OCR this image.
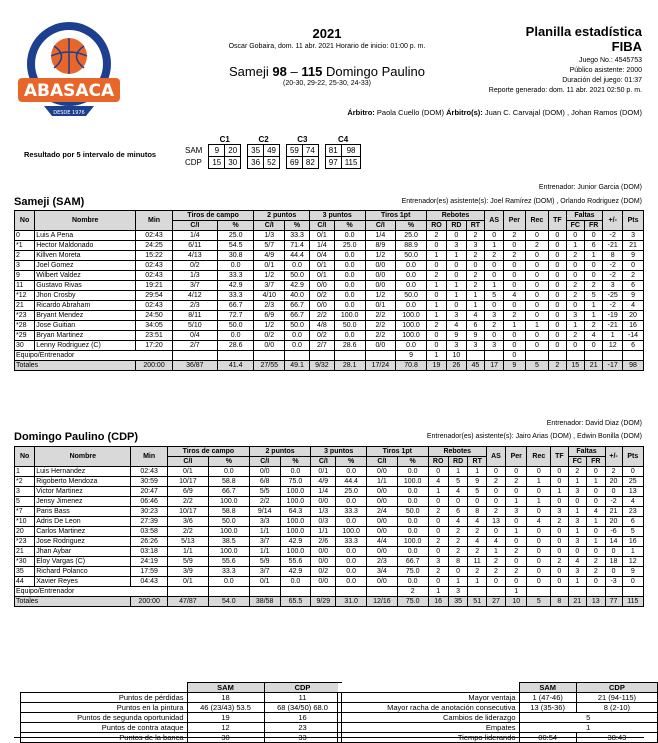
ABASACA
DESDE 1976
2021
Oscar Gobaira, dom. 11 abr. 2021 Horario de inicio: 01:00 p. m.
Sameji 98 – 115 Domingo Paulino
(20-30, 29-22, 25-30, 24-33)
Planilla estadística
FIBA
Juego No.: 4545753
Público asistente: 2000
Duración del juego: 01:37
Reporte generado: dom. 11 abr. 2021 02:50 p. m.
Árbitro: Paola Cuello (DOM) Árbitro(s): Juan C. Carvajal (DOM) , Johan Ramos (DOM)
Resultado por 5 intervalo de minutos
	C1			C2			C3			C4	
SAM	9	20		35	49		59	74		81	98
CDP	15	30		36	52		69	82		97	115
Entrenador: Junior Garcia (DOM)
Sameji (SAM)	Entrenador(es) asistente(s): Joel Ramírez (DOM) , Orlando Rodriguez (DOM)
No	Nombre	Min	Tiros de campo		2 puntos		3 puntos		Tiros 1pt		Rebotes			AS	Per	Rec	TF	Faltas		+/-	Pts
			C/I	%	C/I	%	C/I	%	C/I	%	RO	RD	RT					FC	FR		
0	Luis A Pena	02:43	1/4	25.0	1/3	33.3	0/1	0.0	1/4	25.0	2	0	2	0	2	0	0	0	0	-2	3
*1	Hector Maldonado	24:25	6/11	54.5	5/7	71.4	1/4	25.0	8/9	88.9	0	3	3	1	0	2	0	1	6	-21	21
2	Killven Moreta	15:22	4/13	30.8	4/9	44.4	0/4	0.0	1/2	50.0	1	1	2	2	2	0	0	2	1	8	9
3	Joel Gomez	02:43	0/2	0.0	0/1	0.0	0/1	0.0	0/0	0.0	0	0	0	0	0	0	0	0	0	-2	0
9	Wilbert Valdez	02:43	1/3	33.3	1/2	50.0	0/1	0.0	0/0	0.0	2	0	2	0	0	0	0	0	0	-2	2
11	Gustavo Rivas	19:21	3/7	42.9	3/7	42.9	0/0	0.0	0/0	0.0	1	1	2	1	0	0	0	2	2	3	6
*12	Jhon Crosby	29:54	4/12	33.3	4/10	40.0	0/2	0.0	1/2	50.0	0	1	1	5	4	0	0	2	5	-25	9
21	Ricardo Abraham	02:43	2/3	66.7	2/3	66.7	0/0	0.0	0/1	0.0	1	0	1	0	0	0	0	0	1	-2	4
*23	Bryant Mendez	24:50	8/11	72.7	6/9	66.7	2/2	100.0	2/2	100.0	1	3	4	3	2	0	0	3	1	-19	20
*28	Jose Guitian	34:05	5/10	50.0	1/2	50.0	4/8	50.0	2/2	100.0	2	4	6	2	1	1	0	1	2	-21	16
*29	Bryan Martinez	23:51	0/4	0.0	0/2	0.0	0/2	0.0	2/2	100.0	0	9	9	0	0	0	0	2	4	1	-14
30	Lenny Rodriguez (C)	17:20	2/7	28.6	0/0	0.0	2/7	28.6	0/0	0.0	0	3	3	3	0	0	0	0	0	12	6
Equipo/Entrenador										9	1	10			0						
Totales		200:00	36/87	41.4	27/55	49.1	9/32	28.1	17/24	70.8	19	26	45	17	9	5	2	15	21	-17	98
Entrenador: David Diaz (DOM)
Domingo Paulino (CDP)	Entrenador(es) asistente(s): Jairo Arias (DOM) , Edwin Bonilla (DOM)
No	Nombre	Min	Tiros de campo		2 puntos		3 puntos		Tiros 1pt		Rebotes			AS	Per	Rec	TF	Faltas		+/-	Pts
			C/I	%	C/I	%	C/I	%	C/I	%	RO	RD	RT					FC	FR		
1	Luis Hernandez	02:43	0/1	0.0	0/0	0.0	0/1	0.0	0/0	0.0	0	1	1	0	0	0	0	2	0	2	0
*2	Rigoberto Mendoza	30:59	10/17	58.8	6/8	75.0	4/9	44.4	1/1	100.0	4	5	9	2	2	1	0	1	1	20	25
3	Victor Martinez	20:47	6/9	66.7	5/5	100.0	1/4	25.0	0/0	0.0	1	4	5	0	0	0	1	3	0	0	13
5	Jensy Jimenez	06:46	2/2	100.0	2/2	100.0	0/0	0.0	0/0	0.0	0	0	0	0	1	1	0	0	0	-2	4
*7	Paris Bass	30:23	10/17	58.8	9/14	64.3	1/3	33.3	2/4	50.0	2	6	8	2	3	0	3	1	4	21	23
*10	Adris De Leon	27:39	3/6	50.0	3/3	100.0	0/3	0.0	0/0	0.0	0	4	4	13	0	4	2	3	1	20	6
20	Carlos Martinez	03:58	2/2	100.0	1/1	100.0	1/1	100.0	0/0	0.0	0	2	2	0	1	0	0	1	0	-6	5
*23	Jose Rodriguez	26:26	5/13	38.5	3/7	42.9	2/6	33.3	4/4	100.0	2	2	4	4	0	0	0	3	1	14	16
21	Jhan Aybar	03:18	1/1	100.0	1/1	100.0	0/0	0.0	0/0	0.0	0	2	2	1	2	0	0	0	0	0	1
*30	Eloy Vargas (C)	24:19	5/9	55.6	5/9	55.6	0/0	0.0	2/3	66.7	3	8	11	2	0	0	2	4	2	18	12
35	Richard Polanco	17:59	3/9	33.3	3/7	42.9	0/2	0.0	3/4	75.0	2	0	2	2	2	0	0	3	2	0	9
44	Xavier Reyes	04:43	0/1	0.0	0/1	0.0	0/0	0.0	0/0	0.0	0	1	1	0	0	0	0	1	0	-3	0
Equipo/Entrenador										2	1	3			1						
Totales		200:00	47/87	54.0	38/58	65.5	9/29	31.0	12/16	75.0	16	35	51	27	10	5	8	21	13	77	115
	SAM	CDP
Puntos de pérdidas	18	11
Puntos en la pintura	46 (23/43) 53.5	68 (34/50) 68.0
Puntos de segunda oportunidad	19	16
Puntos de contra ataque	12	23
Puntos de la banca	30	33
	SAM	CDP
Mayor ventaja	1 (47-46)	21 (94-115)
Mayor racha de anotación consecutiva	13 (35-36)	8 (2-10)
Cambios de liderazgo	5	
Empates	1	
Tiempo liderando	00:54	38:43
